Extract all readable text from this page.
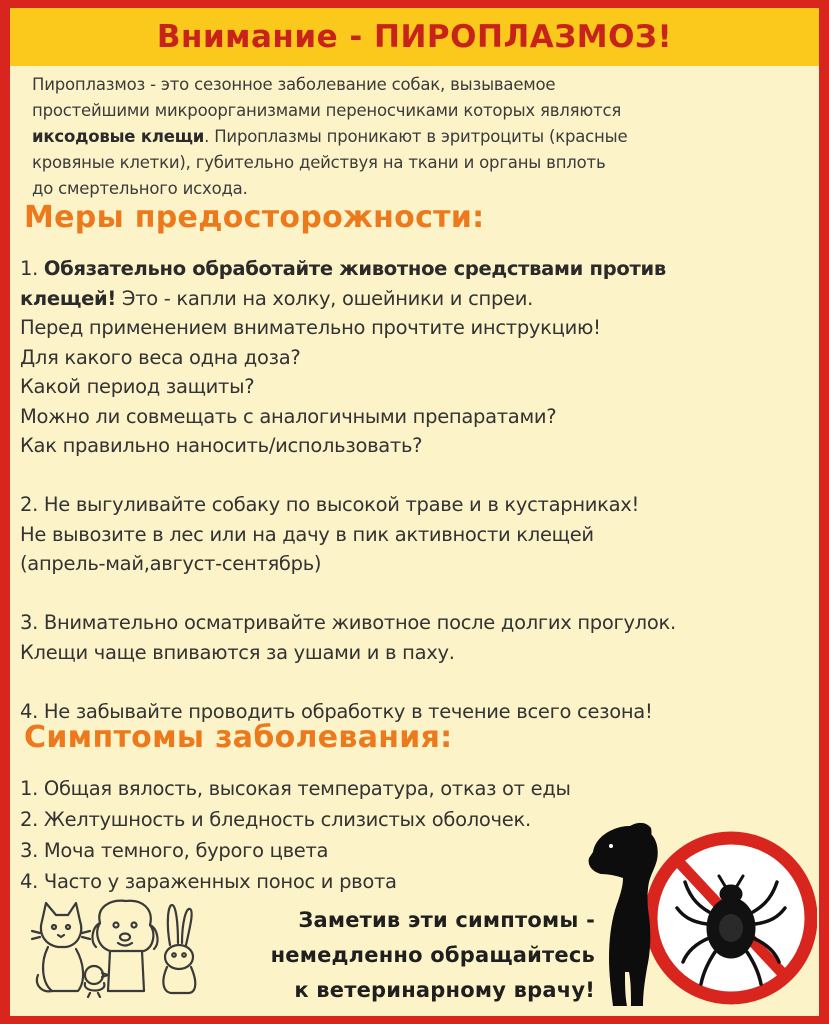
Внимание - ПИРОПЛАЗМОЗ!
Пироплазмоз - это сезонное заболевание собак, вызываемое
простейшими микроорганизмами переносчиками которых являются
иксодовые клещи. Пироплазмы проникают в эритроциты (красные
кровяные клетки), губительно действуя на ткани и органы вплоть
до смертельного исхода.
Меры предосторожности:
1. Обязательно обработайте животное средствами против
клещей! Это - капли на холку, ошейники и спреи.
Перед применением внимательно прочтите инструкцию!
Для какого веса одна доза?
Какой период защиты?
Можно ли совмещать с аналогичными препаратами?
Как правильно наносить/использовать?
2. Не выгуливайте собаку по высокой траве и в кустарниках!
Не вывозите в лес или на дачу в пик активности клещей
(апрель-май,август-сентябрь)
3. Внимательно осматривайте животное после долгих прогулок.
Клещи чаще впиваются за ушами и в паху.
4. Не забывайте проводить обработку в течение всего сезона!
Симптомы заболевания:
1. Общая вялость, высокая температура, отказ от еды
2. Желтушность и бледность слизистых оболочек.
3. Моча темного, бурого цвета
4. Часто у зараженных понос и рвота
Заметив эти симптомы -
немедленно обращайтесь
к ветеринарному врачу!
